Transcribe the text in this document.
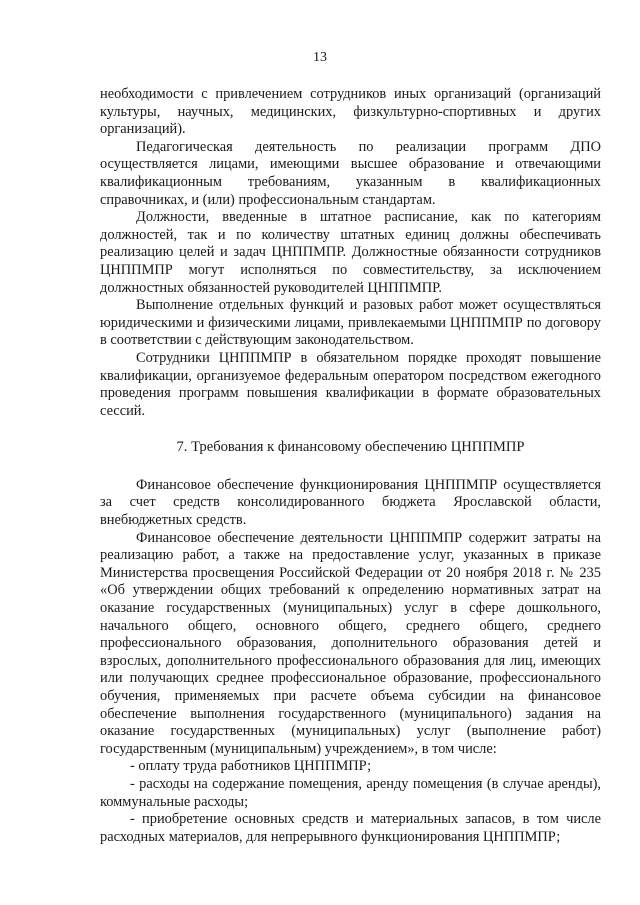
13

необходимости с привлечением сотрудников иных организаций (организаций культуры, научных, медицинских, физкультурно-спортивных и других организаций).

Педагогическая деятельность по реализации программ ДПО осуществляется лицами, имеющими высшее образование и отвечающими квалификационным требованиям, указанным в квалификационных справочниках, и (или) профессиональным стандартам.

Должности, введенные в штатное расписание, как по категориям должностей, так и по количеству штатных единиц должны обеспечивать реализацию целей и задач ЦНППМПР. Должностные обязанности сотрудников ЦНППМПР могут исполняться по совместительству, за исключением должностных обязанностей руководителей ЦНППМПР.

Выполнение отдельных функций и разовых работ может осуществляться юридическими и физическими лицами, привлекаемыми ЦНППМПР по договору в соответствии с действующим законодательством.

Сотрудники ЦНППМПР в обязательном порядке проходят повышение квалификации, организуемое федеральным оператором посредством ежегодного проведения программ повышения квалификации в формате образовательных сессий.

7. Требования к финансовому обеспечению ЦНППМПР

Финансовое обеспечение функционирования ЦНППМПР осуществляется за счет средств консолидированного бюджета Ярославской области, внебюджетных средств.

Финансовое обеспечение деятельности ЦНППМПР содержит затраты на реализацию работ, а также на предоставление услуг, указанных в приказе Министерства просвещения Российской Федерации от 20 ноября 2018 г. № 235 «Об утверждении общих требований к определению нормативных затрат на оказание государственных (муниципальных) услуг в сфере дошкольного, начального общего, основного общего, среднего общего, среднего профессионального образования, дополнительного образования детей и взрослых, дополнительного профессионального образования для лиц, имеющих или получающих среднее профессиональное образование, профессионального обучения, применяемых при расчете объема субсидии на финансовое обеспечение выполнения государственного (муниципального) задания на оказание государственных (муниципальных) услуг (выполнение работ) государственным (муниципальным) учреждением», в том числе:

- оплату труда работников ЦНППМПР;

- расходы на содержание помещения, аренду помещения (в случае аренды), коммунальные расходы;

- приобретение основных средств и материальных запасов, в том числе расходных материалов, для непрерывного функционирования ЦНППМПР;
